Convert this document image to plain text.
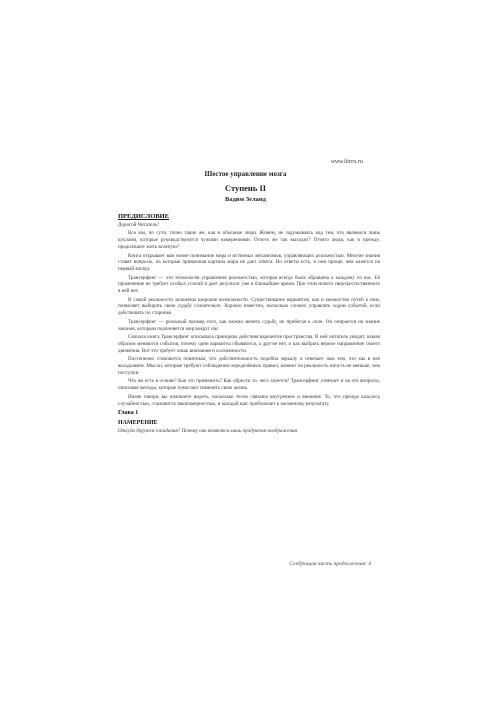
www.litres.ru
Шестое управление мозга
Ступень II
Вадим Зеланд
ПРЕДИСЛОВИЕ
Дорогой Читатель!
Все мы, по сути, точно такие же, как и обычные люди. Живем, не задумываясь над тем, что являемся лишь куклами, которые руководствуются чужими намерениями. Отчего же так выходит? Отчего люди, как и прежде, продолжают жить вслепую?
Книга открывает вам новое понимание мира и истинных механизмов, управляющих реальностью. Многие знания ставят вопросы, на которые привычная картина мира не дает ответа. Но ответы есть, и они проще, чем кажется на первый взгляд.
Трансерфинг — это технология управления реальностью, которая всегда была обращена к каждому из нас. Её применение не требует особых усилий и дает результат уже в ближайшее время. При этом ничего сверхъестественного в ней нет.
В самой реальности заложены широкие возможности. Существование вариантов, как и множество путей к ним, позволяет выбирать свою судьбу сознательно. Хорошо известно, насколько сложно управлять ходом событий, если действовать по старинке.
Трансерфинг — реальный пример того, как можно менять судьбу, не прибегая к силе. Он опирается на знание законов, которым подчиняется мир вокруг нас.
Сначала книга Трансерфинг описывала принципы действия вариантов пространства. В ней читатель увидит, каким образом меняются события, почему одни варианты сбываются, а другие нет, и как выбрать верное направление своего движения. Всё это требует лишь внимания и осознанности.
Постепенно становится понятным, что действительность подобна зеркалу и отвечает нам тем, что мы в неё вкладываем. Мысли, которые требуют соблюдения определённых правил, влияют на реальность ничуть не меньше, чем поступки.
Что же есть в основе? Как это применить? Как обрести то, чего хочется? Трансерфинг отвечает и на эти вопросы, описывая методы, которые помогают изменить свою жизнь.
Иначе говоря, вы начинаете видеть, насколько тесно связаны внутреннее и внешнее. То, что прежде казалось случайностью, становится закономерностью, и каждый шаг приближает к желаемому результату.
Глава 1
НАМЕРЕНИЕ
Откуда берутся ожидания? Почему они являются лишь продуктом воображения.
Следующая часть продолжения: 4
